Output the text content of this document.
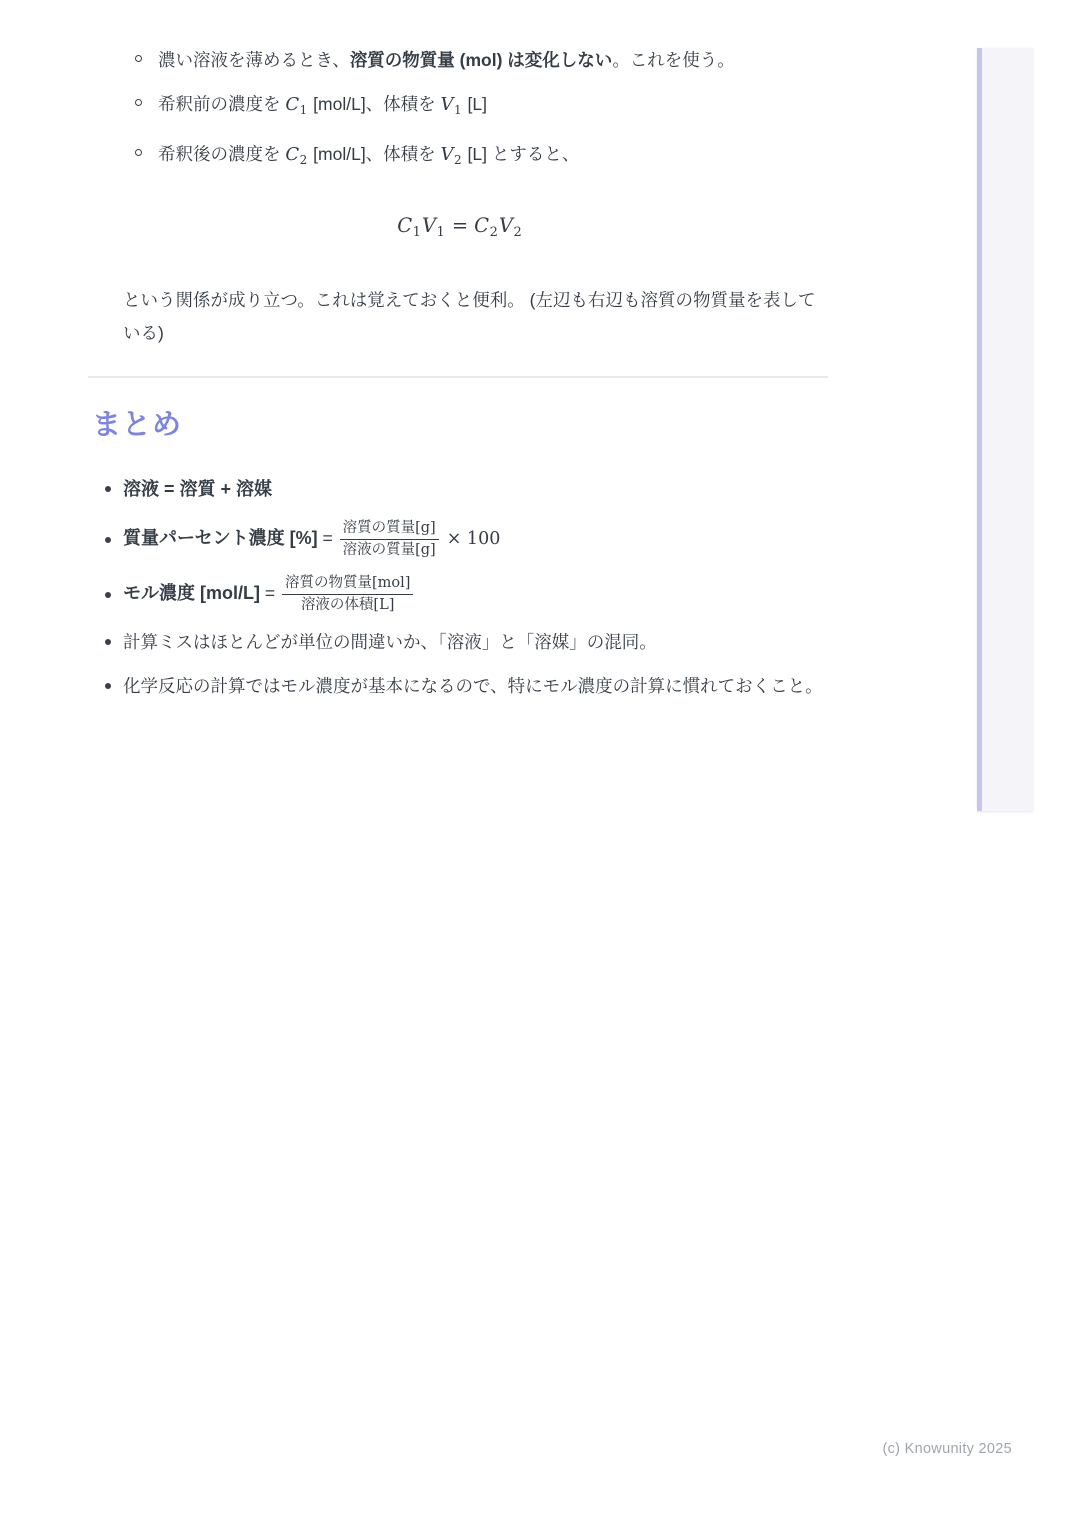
濃い溶液を薄めるとき、溶質の物質量 (mol) は変化しない。これを使う。
希釈前の濃度を $C_1$ [mol/L]、体積を $V_1$ [L]
希釈後の濃度を $C_2$ [mol/L]、体積を $V_2$ [L] とすると、
$C_1V_1 = C_2V_2$

という関係が成り立つ。これは覚えておくと便利。 (左辺も右辺も溶質の物質量を表している)

まとめ
溶液 = 溶質 + 溶媒
質量パーセント濃度 [%] = $\frac{\text{溶質の質量[g]}}{\text{溶液の質量[g]}} \times 100$
モル濃度 $[mol/L] = \frac{\text{溶質の物質量[mol]}}{\text{溶液の体積[L]}}$
計算ミスはほとんどが単位の間違いか、「溶液」と「溶媒」の混同。
化学反応の計算ではモル濃度が基本になるので、特にモル濃度の計算に慣れておくこと。
(c) Knowunity 2025
